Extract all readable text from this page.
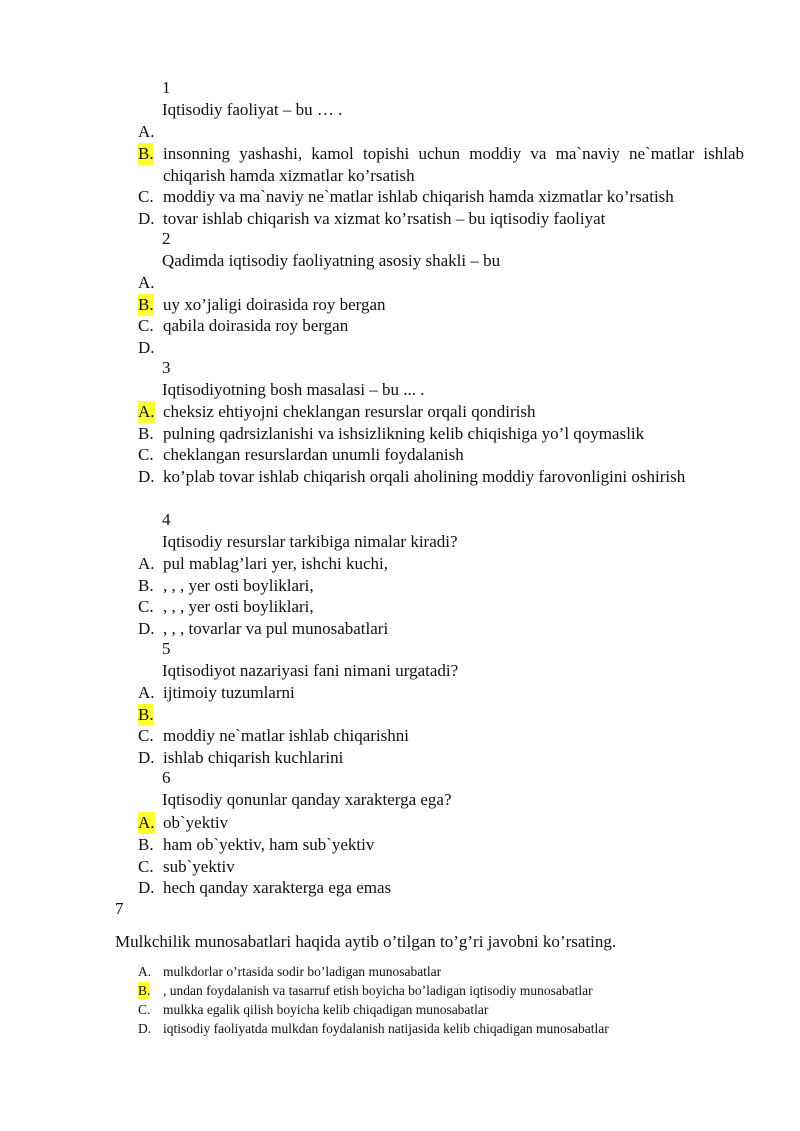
1
Iqtisodiy faoliyat – bu … .
A.
B. insonning yashashi, kamol topishi uchun moddiy va ma`naviy ne`matlar ishlab chiqarish hamda xizmatlar ko’rsatish
C. moddiy va ma`naviy ne`matlar ishlab chiqarish hamda xizmatlar ko’rsatish
D. tovar ishlab chiqarish va xizmat ko’rsatish – bu iqtisodiy faoliyat
2
Qadimda iqtisodiy faoliyatning asosiy shakli – bu
A.
B. uy xo’jaligi doirasida roy bergan
C. qabila doirasida roy bergan
D.
3
Iqtisodiyotning bosh masalasi – bu ... .
A. cheksiz ehtiyojni cheklangan resurslar orqali qondirish
B. pulning qadrsizlanishi va ishsizlikning kelib chiqishiga yo’l qoymaslik
C. cheklangan resurslardan unumli foydalanish
D. ko’plab tovar ishlab chiqarish orqali aholining moddiy farovonligini oshirish
4
Iqtisodiy resurslar tarkibiga nimalar kiradi?
A. pul mablag’lari yer, ishchi kuchi,
B. , , , yer osti boyliklari,
C. , , , yer osti boyliklari,
D. , , , tovarlar va pul munosabatlari
5
Iqtisodiyot nazariyasi fani nimani urgatadi?
A. ijtimoiy tuzumlarni
B.
C. moddiy ne`matlar ishlab chiqarishni
D. ishlab chiqarish kuchlarini
6
Iqtisodiy qonunlar qanday xarakterga ega?
A. ob`yektiv
B. ham ob`yektiv, ham sub`yektiv
C. sub`yektiv
D. hech qanday xarakterga ega emas
7
Mulkchilik munosabatlari haqida aytib o’tilgan to’g’ri javobni ko’rsating.
A. mulkdorlar o’rtasida sodir bo’ladigan munosabatlar
B. , undan foydalanish va tasarruf etish boyicha bo’ladigan iqtisodiy munosabatlar
C. mulkka egalik qilish boyicha kelib chiqadigan munosabatlar
D. iqtisodiy faoliyatda mulkdan foydalanish natijasida kelib chiqadigan munosabatlar
